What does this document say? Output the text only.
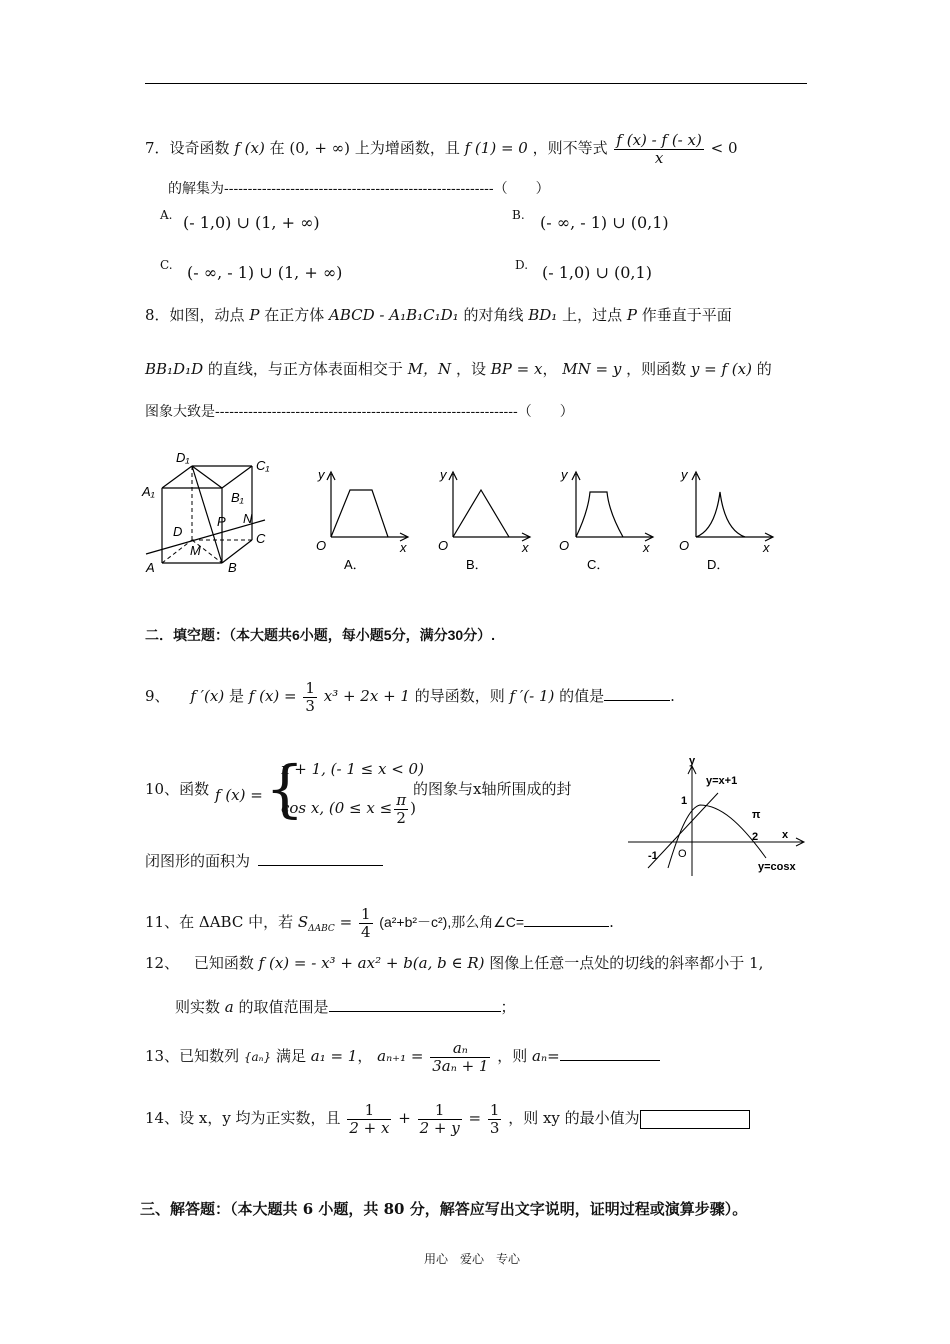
7．设奇函数 f (x) 在 (0, + ∞) 上为增函数，且 f (1) = 0 ，则不等式 $\frac{f (x) - f (- x)}{x} < 0$
的解集为---------------------------------------------------------（　　）
A. (- 1,0) ∪ (1, + ∞)	B. (- ∞, - 1) ∪ (0,1)
C. (- ∞, - 1) ∪ (1, + ∞)	D. (- 1,0) ∪ (0,1)
8．如图，动点 P 在正方体 ABCD - A₁B₁C₁D₁ 的对角线 BD₁ 上，过点 P 作垂直于平面
BB₁D₁D 的直线，与正方体表面相交于 M，N ，设 BP = x， MN = y ，则函数 y = f (x) 的
图象大致是----------------------------------------------------------------（　　）
D₁
C₁
A₁	B₁
D
P N
C
M
A	B
y
O	x
A．
y
O	x
B．
y
O	x
C．
y
O	x
D．
二．填空题：（本大题共6小题，每小题5分，满分30分）.
9、 f ′(x) 是 f $(x) = \frac{1}{3} x^3 + 2x + 1$ 的导函数，则 f ′(- 1) 的值是	.
10、函数 f (x) = {
x + 1, (- 1 ≤ x < 0)
cos x, ($0 \le x \le \frac{\pi}{2}$ )
的图象与x轴所围成的封
闭图形的面积为
y
y=x+1
1
π
2 x
-1 O
y=cosx
11、在 ΔABC 中，若 $S_{\Delta ABC} = \frac{1}{4} (a^2+b^2-c^2)$,那么角∠C=	.
12、 已知函数 f (x) = - x³ + ax² + b(a, b ∈ R) 图像上任意一点处的切线的斜率都小于 1,
则实数 a 的取值范围是	；
13、已知数列 {aₙ} 满足 a₁ = 1， $a_{n+1} = \frac{\text{aₙ}}{\text{3aₙ + 1}}$ ，则 aₙ=
14、设 x，y 均为正实数，且 $\frac{1}{2 + x} + \frac{1}{2 + y} = \frac{1}{3}$ ，则 xy 的最小值为
三、解答题：（本大题共 6 小题，共 80 分，解答应写出文字说明，证明过程或演算步骤）。
用心　爱心　专心
